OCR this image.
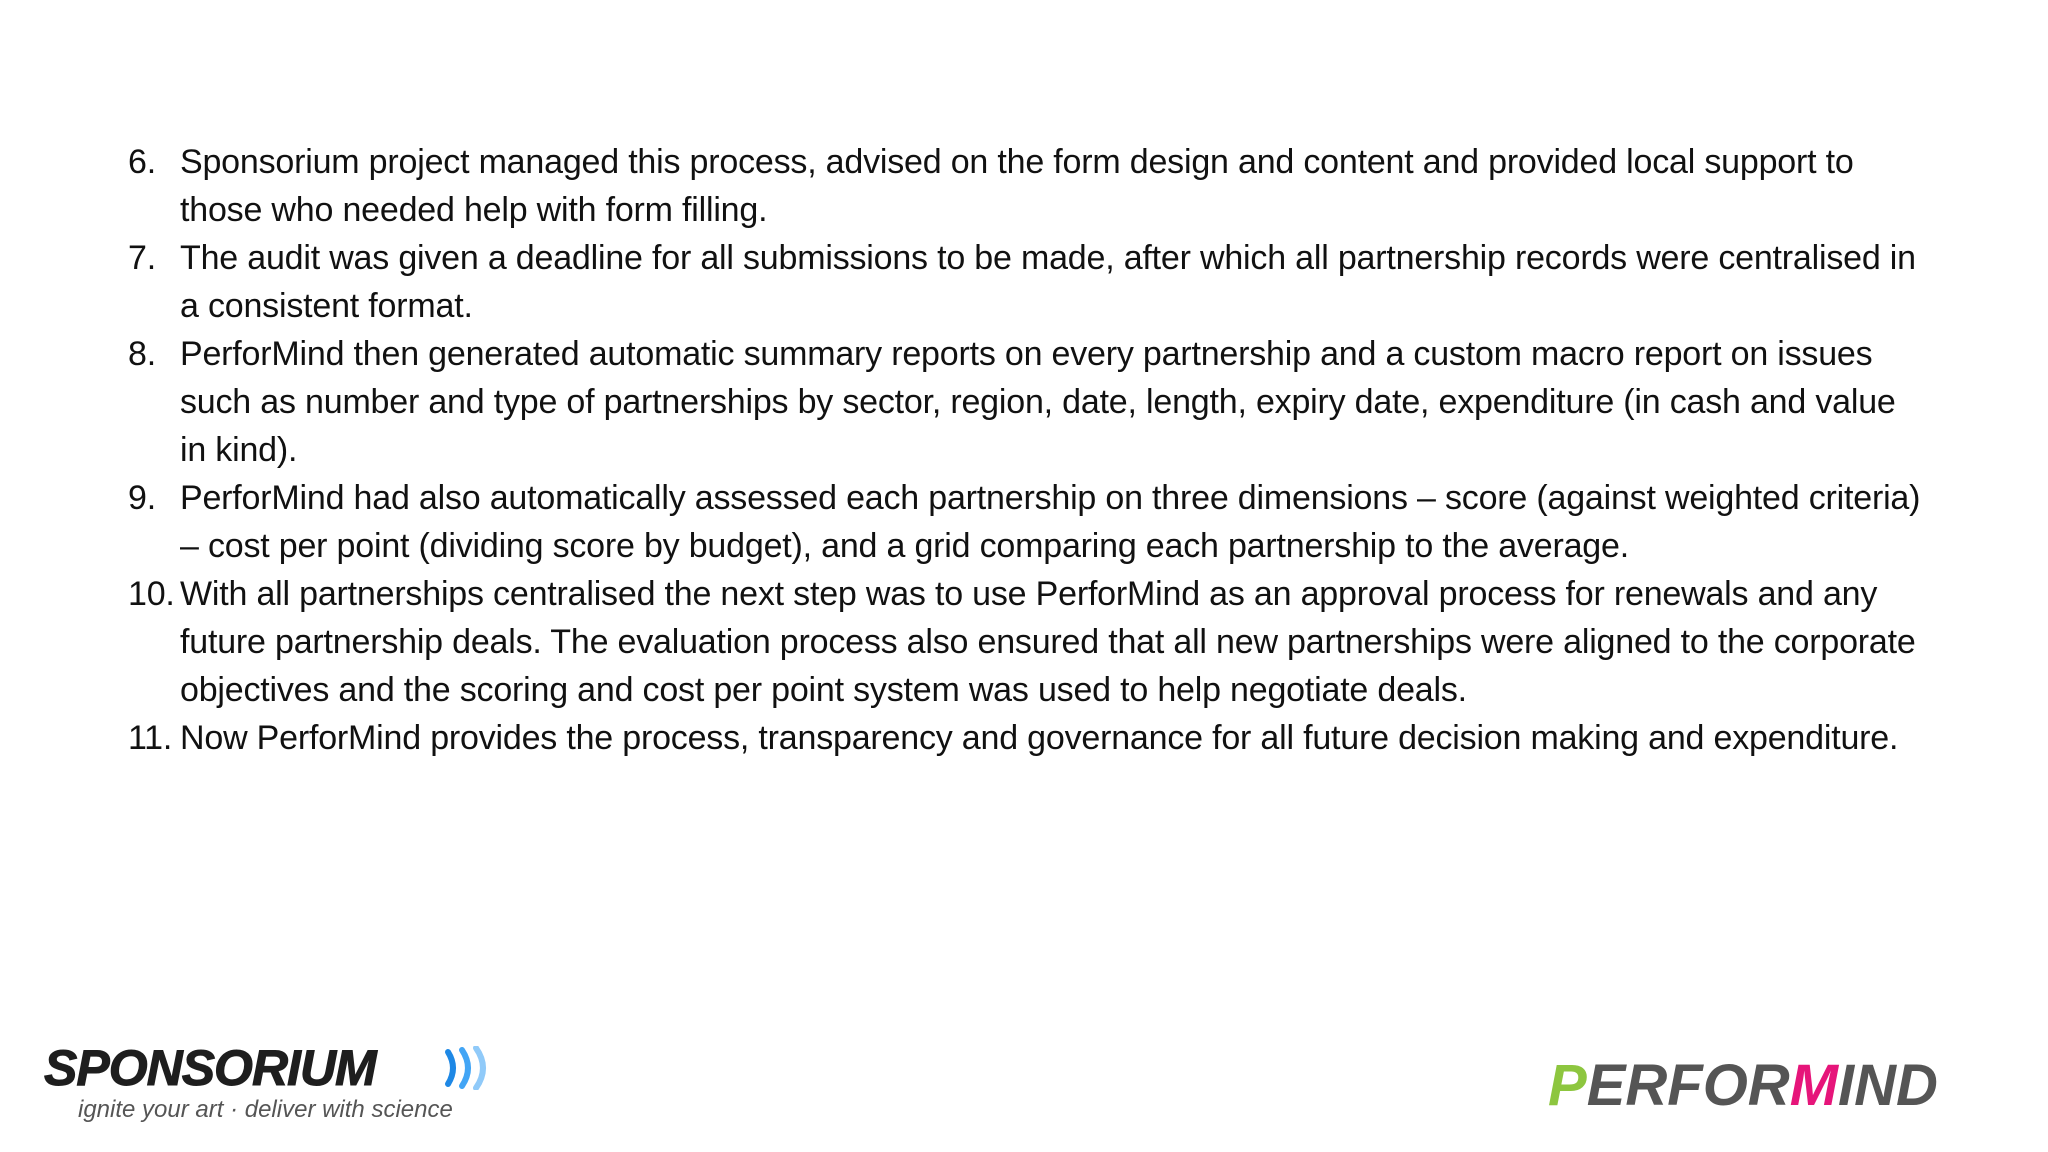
6. Sponsorium project managed this process, advised on the form design and content and provided local support to those who needed help with form filling.
7. The audit was given a deadline for all submissions to be made, after which all partnership records were centralised in a consistent format.
8. PerforMind then generated automatic summary reports on every partnership and a custom macro report on issues such as number and type of partnerships by sector, region, date, length, expiry date, expenditure (in cash and value in kind).
9. PerforMind had also automatically assessed each partnership on three dimensions – score (against weighted criteria) – cost per point (dividing score by budget), and a grid comparing each partnership to the average.
10. With all partnerships centralised the next step was to use PerforMind as an approval process for renewals and any future partnership deals. The evaluation process also ensured that all new partnerships were aligned to the corporate objectives and the scoring and cost per point system was used to help negotiate deals.
11. Now PerforMind provides the process, transparency and governance for all future decision making and expenditure.
SPONSORIUM
ignite your art · deliver with science	PERFORMIND
